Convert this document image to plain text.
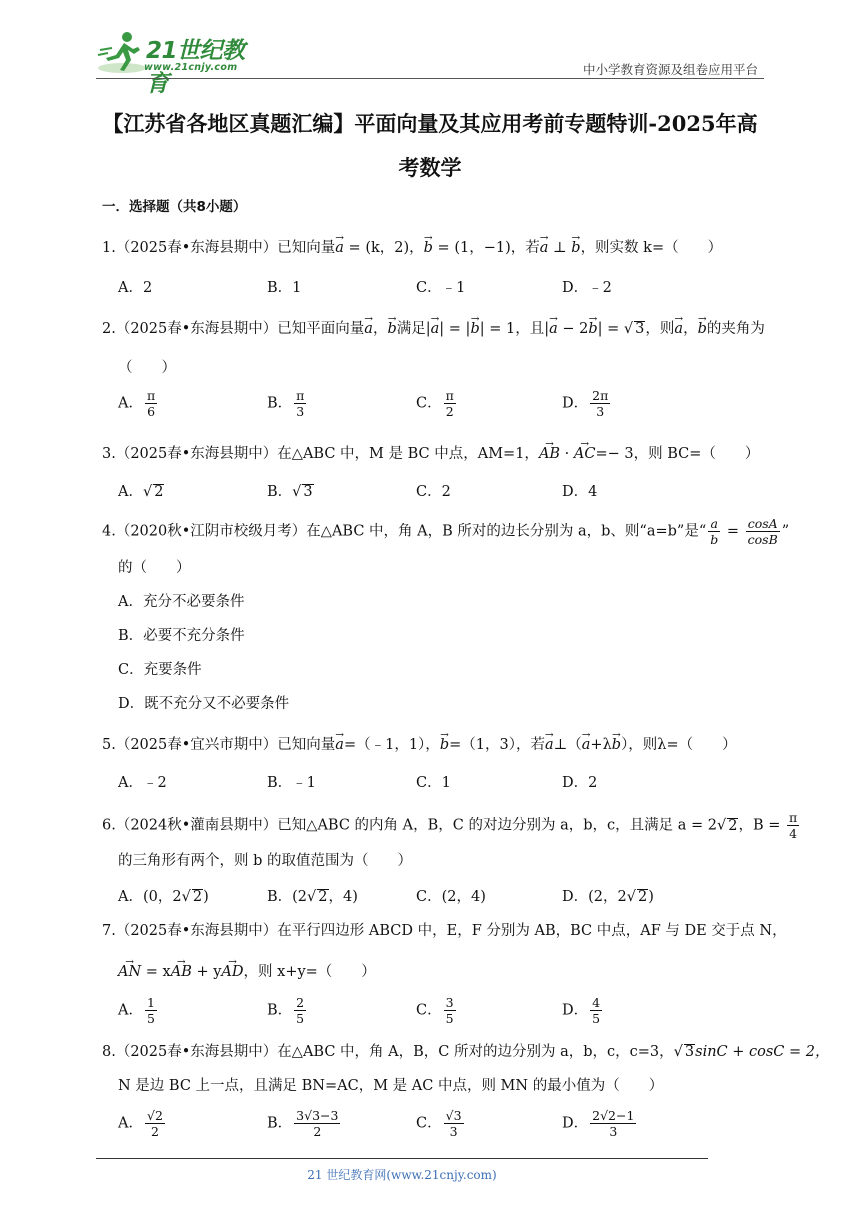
21世纪教育
www.21cnjy.com	中小学教育资源及组卷应用平台
【江苏省各地区真题汇编】平面向量及其应用考前专题特训-2025年高
考数学
一．选择题（共8小题）
1.（2025春•东海县期中）已知向量→ a = (k，2)，→ b = (1，−1)，若→ a ⊥ → b，则实数 k=（　　）
A．2	B．1	C．﹣1	D．﹣2
2.（2025春•东海县期中）已知平面向量→ a，→ b满足|→ a| = |→ b| = 1，且|→ a − 2→ b| = √ 3，则→ a，→ b的夹角为
（　　）
A． $\frac{\pi}{6}$	B． $\frac{\pi}{3}$	C． $\frac{\pi}{2}$	D． $\frac{2\pi}{3}$
3.（2025春•东海县期中）在△ABC 中，M 是 BC 中点，AM=1，→ AB · → AC=− 3，则 BC=（　　）
A．√ 2	B．√ 3	C．2	D．4
4.（2020秋•江阴市校级月考）在△ABC 中，角 A，B 所对的边长分别为 a，b、则“a=b”是“ $\frac{a}{b} = \frac{\cos A}{\cos B}$ ”
的（　　）
A．充分不必要条件
B．必要不充分条件
C．充要条件
D．既不充分又不必要条件
5.（2025春•宜兴市期中）已知向量→ a=（﹣1，1），→ b=（1，3），若→ a⊥（→ a+λ→ b），则λ=（　　）
A．﹣2	B．﹣1	C．1	D．2
6.（2024秋•灌南县期中）已知△ABC 的内角 A，B，C 的对边分别为 a，b，c，且满足 a = 2√ 2，$B = \frac{\pi}{4}$
的三角形有两个，则 b 的取值范围为（　　）
A．(0，2√ 2)	B．(2√ 2，4)	C．(2，4)	D．(2，2√ 2)
7.（2025春•东海县期中）在平行四边形 ABCD 中，E，F 分别为 AB，BC 中点，AF 与 DE 交于点 N，
→ AN = x→ AB + y→ AD，则 x+y=（　　）
A． $\frac{1}{5}$	B． $\frac{2}{5}$	C． $\frac{3}{5}$	D． $\frac{4}{5}$
8.（2025春•东海县期中）在△ABC 中，角 A，B，C 所对的边分别为 a，b，c，c=3，√ 3sinC + cosC = 2，
N 是边 BC 上一点，且满足 BN=AC，M 是 AC 中点，则 MN 的最小值为（　　）
A． $\frac{√2}{2}$	B． $\frac{3√3-3}{2}$	C． $\frac{√3}{3}$	D． $\frac{2√2-1}{3}$
21 世纪教育网(www.21cnjy.com)
